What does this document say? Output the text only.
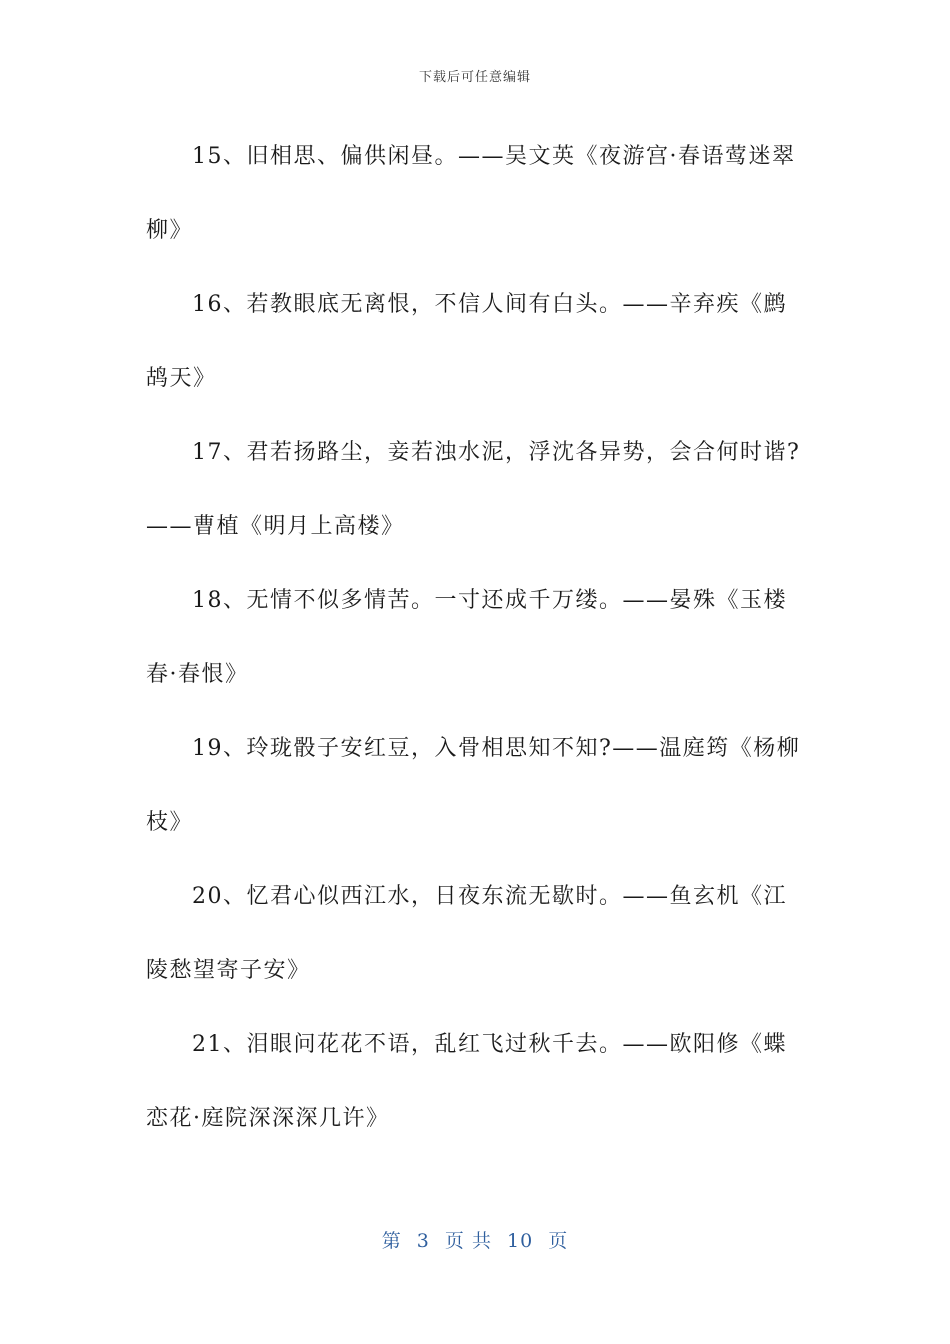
下载后可任意编辑

15、旧相思、偏供闲昼。——吴文英《夜游宫·春语莺迷翠柳》

16、若教眼底无离恨，不信人间有白头。——辛弃疾《鹧鸪天》

17、君若扬路尘，妾若浊水泥，浮沈各异势，会合何时谐?——曹植《明月上高楼》

18、无情不似多情苦。一寸还成千万缕。——晏殊《玉楼春·春恨》

19、玲珑骰子安红豆，入骨相思知不知?——温庭筠《杨柳枝》

20、忆君心似西江水，日夜东流无歇时。——鱼玄机《江陵愁望寄子安》

21、泪眼问花花不语，乱红飞过秋千去。——欧阳修《蝶恋花·庭院深深深几许》

第 3 页 共 10 页
